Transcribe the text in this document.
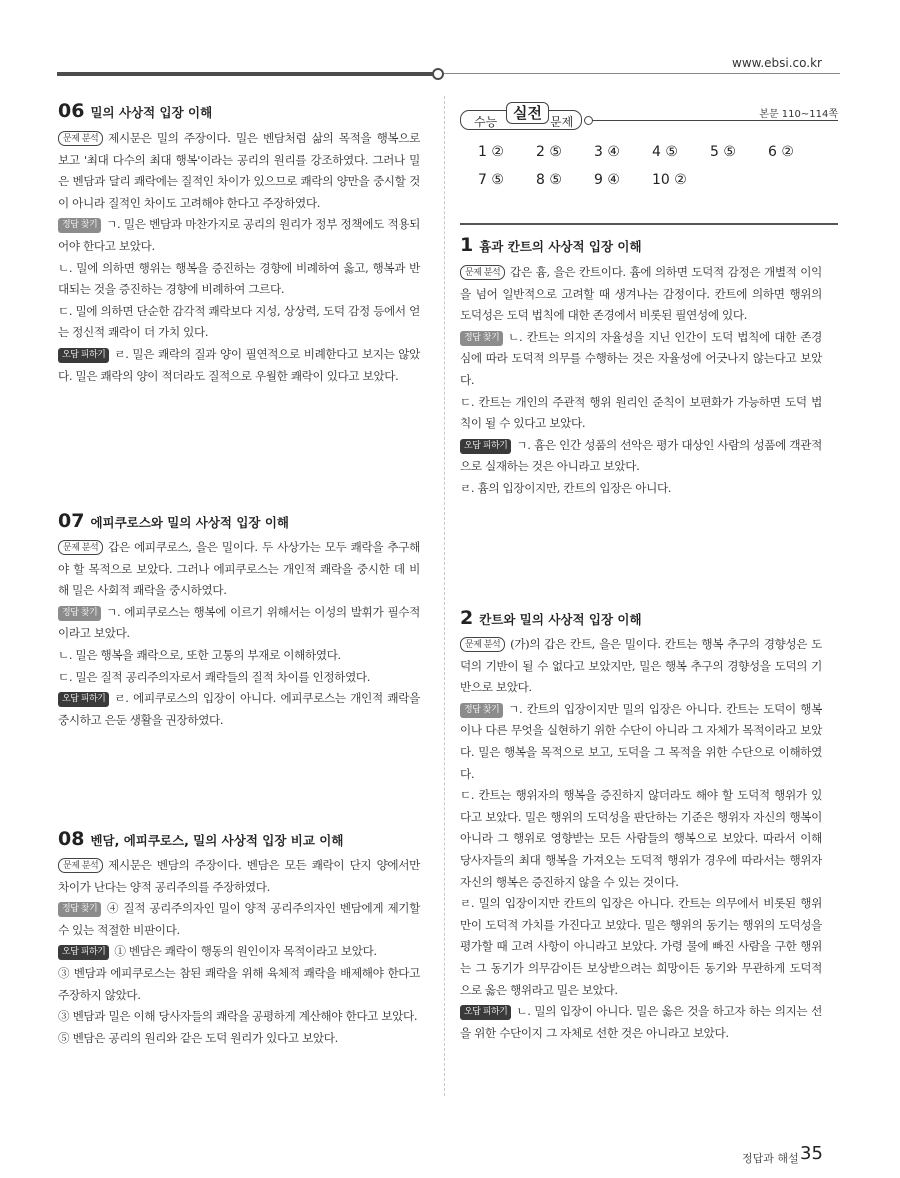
www.ebsi.co.kr
06 밀의 사상적 입장 이해

문제 분석 제시문은 밀의 주장이다. 밀은 벤담처럼 삶의 목적을 행복으로 보고 '최대 다수의 최대 행복'이라는 공리의 원리를 강조하였다. 그러나 밀은 벤담과 달리 쾌락에는 질적인 차이가 있으므로 쾌락의 양만을 중시할 것이 아니라 질적인 차이도 고려해야 한다고 주장하였다.

정답 찾기 ㄱ. 밀은 벤담과 마찬가지로 공리의 원리가 정부 정책에도 적용되어야 한다고 보았다.

ㄴ. 밀에 의하면 행위는 행복을 증진하는 경향에 비례하여 옳고, 행복과 반대되는 것을 증진하는 경향에 비례하여 그르다.

ㄷ. 밀에 의하면 단순한 감각적 쾌락보다 지성, 상상력, 도덕 감정 등에서 얻는 정신적 쾌락이 더 가치 있다.

오답 피하기 ㄹ. 밀은 쾌락의 질과 양이 필연적으로 비례한다고 보지는 않았다. 밀은 쾌락의 양이 적더라도 질적으로 우월한 쾌락이 있다고 보았다.

07 에피쿠로스와 밀의 사상적 입장 이해

문제 분석 갑은 에피쿠로스, 을은 밀이다. 두 사상가는 모두 쾌락을 추구해야 할 목적으로 보았다. 그러나 에피쿠로스는 개인적 쾌락을 중시한 데 비해 밀은 사회적 쾌락을 중시하였다.

정답 찾기 ㄱ. 에피쿠로스는 행복에 이르기 위해서는 이성의 발휘가 필수적이라고 보았다.

ㄴ. 밀은 행복을 쾌락으로, 또한 고통의 부재로 이해하였다.

ㄷ. 밀은 질적 공리주의자로서 쾌락들의 질적 차이를 인정하였다.

오답 피하기 ㄹ. 에피쿠로스의 입장이 아니다. 에피쿠로스는 개인적 쾌락을 중시하고 은둔 생활을 권장하였다.

08 벤담, 에피쿠로스, 밀의 사상적 입장 비교 이해

문제 분석 제시문은 벤담의 주장이다. 벤담은 모든 쾌락이 단지 양에서만 차이가 난다는 양적 공리주의를 주장하였다.

정답 찾기 ④ 질적 공리주의자인 밀이 양적 공리주의자인 벤담에게 제기할 수 있는 적절한 비판이다.

오답 피하기 ① 벤담은 쾌락이 행동의 원인이자 목적이라고 보았다.

③ 벤담과 에피쿠로스는 참된 쾌락을 위해 육체적 쾌락을 배제해야 한다고 주장하지 않았다.

③ 벤담과 밀은 이해 당사자들의 쾌락을 공평하게 계산해야 한다고 보았다.

⑤ 벤담은 공리의 원리와 같은 도덕 원리가 있다고 보았다.

수능	실전 문제
본문 110~114쪽
1 ② 2 ⑤ 3 ④ 4 ⑤ 5 ⑤ 6 ②
7 ⑤ 8 ⑤ 9 ④ 10 ②
1 흄과 칸트의 사상적 입장 이해

문제 분석 갑은 흄, 을은 칸트이다. 흄에 의하면 도덕적 감정은 개별적 이익을 넘어 일반적으로 고려할 때 생겨나는 감정이다. 칸트에 의하면 행위의 도덕성은 도덕 법칙에 대한 존경에서 비롯된 필연성에 있다.

정답 찾기 ㄴ. 칸트는 의지의 자율성을 지닌 인간이 도덕 법칙에 대한 존경심에 따라 도덕적 의무를 수행하는 것은 자율성에 어긋나지 않는다고 보았다.

ㄷ. 칸트는 개인의 주관적 행위 원리인 준칙이 보편화가 가능하면 도덕 법칙이 될 수 있다고 보았다.

오답 피하기 ㄱ. 흄은 인간 성품의 선악은 평가 대상인 사람의 성품에 객관적으로 실재하는 것은 아니라고 보았다.

ㄹ. 흄의 입장이지만, 칸트의 입장은 아니다.

2 칸트와 밀의 사상적 입장 이해

문제 분석 (가)의 갑은 칸트, 을은 밀이다. 칸트는 행복 추구의 경향성은 도덕의 기반이 될 수 없다고 보았지만, 밀은 행복 추구의 경향성을 도덕의 기반으로 보았다.

정답 찾기 ㄱ. 칸트의 입장이지만 밀의 입장은 아니다. 칸트는 도덕이 행복이나 다른 무엇을 실현하기 위한 수단이 아니라 그 자체가 목적이라고 보았다. 밀은 행복을 목적으로 보고, 도덕을 그 목적을 위한 수단으로 이해하였다.

ㄷ. 칸트는 행위자의 행복을 증진하지 않더라도 해야 할 도덕적 행위가 있다고 보았다. 밀은 행위의 도덕성을 판단하는 기준은 행위자 자신의 행복이 아니라 그 행위로 영향받는 모든 사람들의 행복으로 보았다. 따라서 이해 당사자들의 최대 행복을 가져오는 도덕적 행위가 경우에 따라서는 행위자 자신의 행복은 증진하지 않을 수 있는 것이다.

ㄹ. 밀의 입장이지만 칸트의 입장은 아니다. 칸트는 의무에서 비롯된 행위만이 도덕적 가치를 가진다고 보았다. 밀은 행위의 동기는 행위의 도덕성을 평가할 때 고려 사항이 아니라고 보았다. 가령 물에 빠진 사람을 구한 행위는 그 동기가 의무감이든 보상받으려는 희망이든 동기와 무관하게 도덕적으로 옳은 행위라고 밀은 보았다.

오답 피하기 ㄴ. 밀의 입장이 아니다. 밀은 옳은 것을 하고자 하는 의지는 선을 위한 수단이지 그 자체로 선한 것은 아니라고 보았다.

정답과 해설 35
